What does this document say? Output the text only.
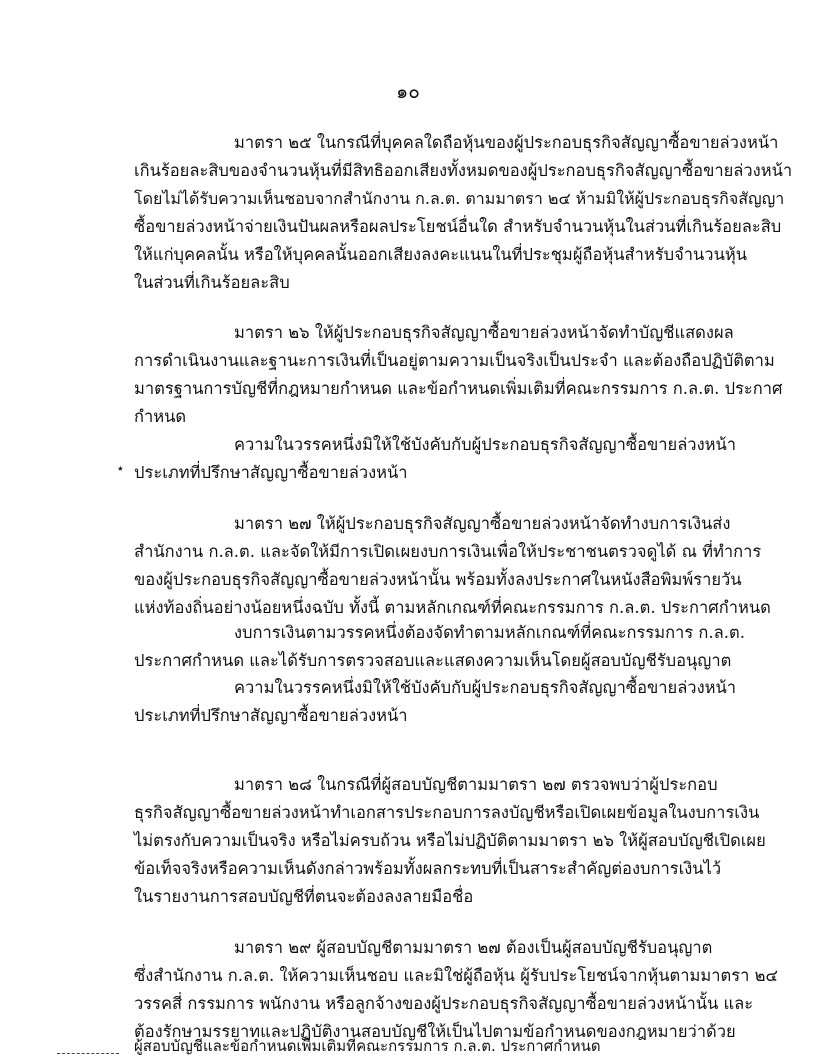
๑๐
มาตรา ๒๕ ในกรณีที่บุคคลใดถือหุ้นของผู้ประกอบธุรกิจสัญญาซื้อขายล่วงหน้า
เกินร้อยละสิบของจำนวนหุ้นที่มีสิทธิออกเสียงทั้งหมดของผู้ประกอบธุรกิจสัญญาซื้อขายล่วงหน้า
โดยไม่ได้รับความเห็นชอบจากสำนักงาน ก.ล.ต. ตามมาตรา ๒๔ ห้ามมิให้ผู้ประกอบธุรกิจสัญญา
ซื้อขายล่วงหน้าจ่ายเงินปันผลหรือผลประโยชน์อื่นใด สำหรับจำนวนหุ้นในส่วนที่เกินร้อยละสิบ
ให้แก่บุคคลนั้น หรือให้บุคคลนั้นออกเสียงลงคะแนนในที่ประชุมผู้ถือหุ้นสำหรับจำนวนหุ้น
ในส่วนที่เกินร้อยละสิบ
มาตรา ๒๖ ให้ผู้ประกอบธุรกิจสัญญาซื้อขายล่วงหน้าจัดทำบัญชีแสดงผล
การดำเนินงานและฐานะการเงินที่เป็นอยู่ตามความเป็นจริงเป็นประจำ และต้องถือปฏิบัติตาม
มาตรฐานการบัญชีที่กฎหมายกำหนด และข้อกำหนดเพิ่มเติมที่คณะกรรมการ ก.ล.ต. ประกาศ
กำหนด
ความในวรรคหนึ่งมิให้ใช้บังคับกับผู้ประกอบธุรกิจสัญญาซื้อขายล่วงหน้า
⋆ ประเภทที่ปรึกษาสัญญาซื้อขายล่วงหน้า
มาตรา ๒๗ ให้ผู้ประกอบธุรกิจสัญญาซื้อขายล่วงหน้าจัดทำงบการเงินส่ง
สำนักงาน ก.ล.ต. และจัดให้มีการเปิดเผยงบการเงินเพื่อให้ประชาชนตรวจดูได้ ณ ที่ทำการ
ของผู้ประกอบธุรกิจสัญญาซื้อขายล่วงหน้านั้น พร้อมทั้งลงประกาศในหนังสือพิมพ์รายวัน
แห่งท้องถิ่นอย่างน้อยหนึ่งฉบับ ทั้งนี้ ตามหลักเกณฑ์ที่คณะกรรมการ ก.ล.ต. ประกาศกำหนด
งบการเงินตามวรรคหนึ่งต้องจัดทำตามหลักเกณฑ์ที่คณะกรรมการ ก.ล.ต.
ประกาศกำหนด และได้รับการตรวจสอบและแสดงความเห็นโดยผู้สอบบัญชีรับอนุญาต
ความในวรรคหนึ่งมิให้ใช้บังคับกับผู้ประกอบธุรกิจสัญญาซื้อขายล่วงหน้า
ประเภทที่ปรึกษาสัญญาซื้อขายล่วงหน้า
มาตรา ๒๘ ในกรณีที่ผู้สอบบัญชีตามมาตรา ๒๗ ตรวจพบว่าผู้ประกอบ
ธุรกิจสัญญาซื้อขายล่วงหน้าทำเอกสารประกอบการลงบัญชีหรือเปิดเผยข้อมูลในงบการเงิน
ไม่ตรงกับความเป็นจริง หรือไม่ครบถ้วน หรือไม่ปฏิบัติตามมาตรา ๒๖ ให้ผู้สอบบัญชีเปิดเผย
ข้อเท็จจริงหรือความเห็นดังกล่าวพร้อมทั้งผลกระทบที่เป็นสาระสำคัญต่องบการเงินไว้
ในรายงานการสอบบัญชีที่ตนจะต้องลงลายมือชื่อ
มาตรา ๒๙ ผู้สอบบัญชีตามมาตรา ๒๗ ต้องเป็นผู้สอบบัญชีรับอนุญาต
ซึ่งสำนักงาน ก.ล.ต. ให้ความเห็นชอบ และมิใช่ผู้ถือหุ้น ผู้รับประโยชน์จากหุ้นตามมาตรา ๒๔
วรรคสี่ กรรมการ พนักงาน หรือลูกจ้างของผู้ประกอบธุรกิจสัญญาซื้อขายล่วงหน้านั้น และ
ต้องรักษามรรยาทและปฏิบัติงานสอบบัญชีให้เป็นไปตามข้อกำหนดของกฎหมายว่าด้วย
ผู้สอบบัญชีและข้อกำหนดเพิ่มเติมที่คณะกรรมการ ก.ล.ต. ประกาศกำหนด
